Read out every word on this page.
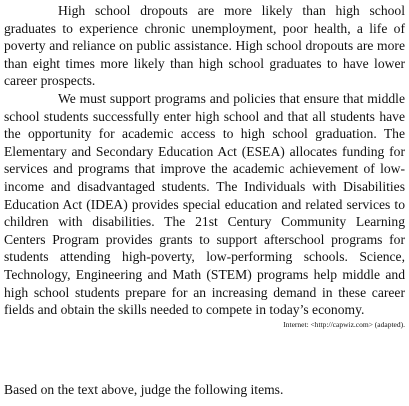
High school dropouts are more likely than high school graduates to experience chronic unemployment, poor health, a life of poverty and reliance on public assistance. High school dropouts are more than eight times more likely than high school graduates to have lower career prospects.

We must support programs and policies that ensure that middle school students successfully enter high school and that all students have the opportunity for academic access to high school graduation. The Elementary and Secondary Education Act (ESEA) allocates funding for services and programs that improve the academic achievement of low-income and disadvantaged students. The Individuals with Disabilities Education Act (IDEA) provides special education and related services to children with disabilities. The 21st Century Community Learning Centers Program provides grants to support afterschool programs for students attending high-poverty, low-performing schools. Science, Technology, Engineering and Math (STEM) programs help middle and high school students prepare for an increasing demand in these career fields and obtain the skills needed to compete in today’s economy.

Internet: <http://capwiz.com> (adapted).

Based on the text above, judge the following items.
